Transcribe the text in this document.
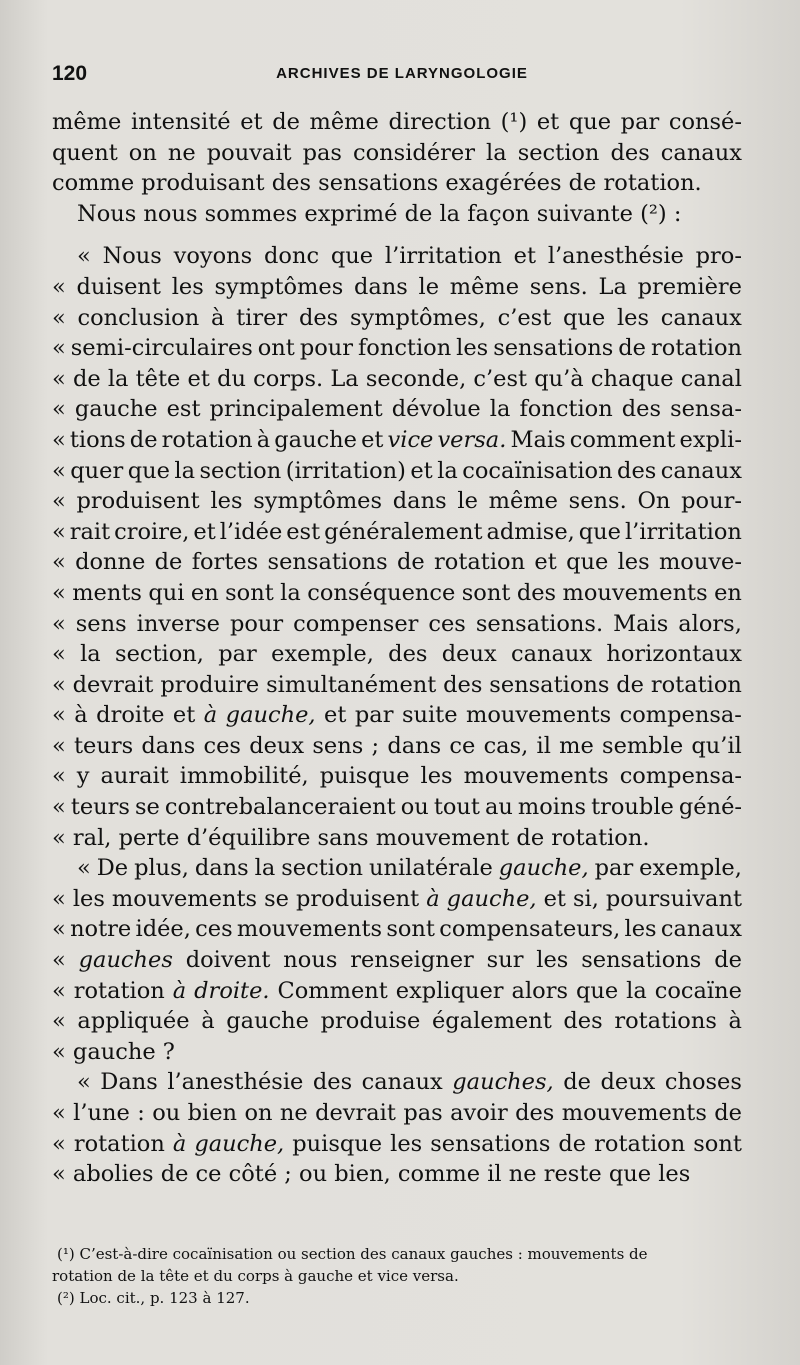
120	ARCHIVES DE LARYNGOLOGIE
même intensité et de même direction (¹) et que par consé-
quent on ne pouvait pas considérer la section des canaux
comme produisant des sensations exagérées de rotation.
Nous nous sommes exprimé de la façon suivante (²) :
« Nous voyons donc que l’irritation et l’anesthésie pro-
« duisent les symptômes dans le même sens. La première
« conclusion à tirer des symptômes, c’est que les canaux
« semi-circulaires ont pour fonction les sensations de rotation
« de la tête et du corps. La seconde, c’est qu’à chaque canal
« gauche est principalement dévolue la fonction des sensa-
« tions de rotation à gauche et vice versa. Mais comment expli-
« quer que la section (irritation) et la cocaïnisation des canaux
« produisent les symptômes dans le même sens. On pour-
« rait croire, et l’idée est généralement admise, que l’irritation
« donne de fortes sensations de rotation et que les mouve-
« ments qui en sont la conséquence sont des mouvements en
« sens inverse pour compenser ces sensations. Mais alors,
« la section, par exemple, des deux canaux horizontaux
« devrait produire simultanément des sensations de rotation
« à droite et à gauche, et par suite mouvements compensa-
« teurs dans ces deux sens ; dans ce cas, il me semble qu’il
« y aurait immobilité, puisque les mouvements compensa-
« teurs se contrebalanceraient ou tout au moins trouble géné-
« ral, perte d’équilibre sans mouvement de rotation.
« De plus, dans la section unilatérale gauche, par exemple,
« les mouvements se produisent à gauche, et si, poursuivant
« notre idée, ces mouvements sont compensateurs, les canaux
« gauches doivent nous renseigner sur les sensations de
« rotation à droite. Comment expliquer alors que la cocaïne
« appliquée à gauche produise également des rotations à
« gauche ?
« Dans l’anesthésie des canaux gauches, de deux choses
« l’une : ou bien on ne devrait pas avoir des mouvements de
« rotation à gauche, puisque les sensations de rotation sont
« abolies de ce côté ; ou bien, comme il ne reste que les
(¹) C’est-à-dire cocaïnisation ou section des canaux gauches : mouvements de
rotation de la tête et du corps à gauche et vice versa.
(²) Loc. cit., p. 123 à 127.
